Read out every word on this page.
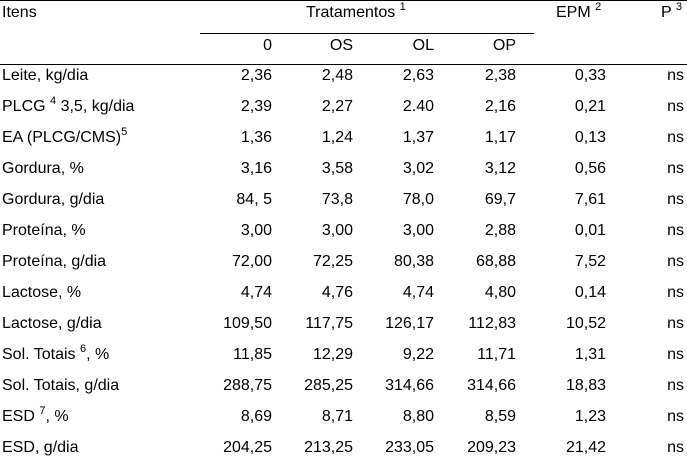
Itens	Tratamentos $^1$	EPM $^2$	P $^3$
0	OS	OL	OP
Leite, kg/dia	2,36	2,48	2,63	2,38	0,33	ns
PLCG $^4$ 3,5, kg/dia	2,39	2,27	2.40	2,16	0,21	ns
EA (PLCG/CMS)$^5$	1,36	1,24	1,37	1,17	0,13	ns
Gordura, %	3,16	3,58	3,02	3,12	0,56	ns
Gordura, g/dia	84, 5	73,8	78,0	69,7	7,61	ns
Proteína, %	3,00	3,00	3,00	2,88	0,01	ns
Proteína, g/dia	72,00	72,25	80,38	68,88	7,52	ns
Lactose, %	4,74	4,76	4,74	4,80	0,14	ns
Lactose, g/dia	109,50	117,75	126,17	112,83	10,52	ns
Sol. Totais $^6$, %	11,85	12,29	9,22	11,71	1,31	ns
Sol. Totais, g/dia	288,75	285,25	314,66	314,66	18,83	ns
ESD $^7$, %	8,69	8,71	8,80	8,59	1,23	ns
ESD, g/dia	204,25	213,25	233,05	209,23	21,42	ns
